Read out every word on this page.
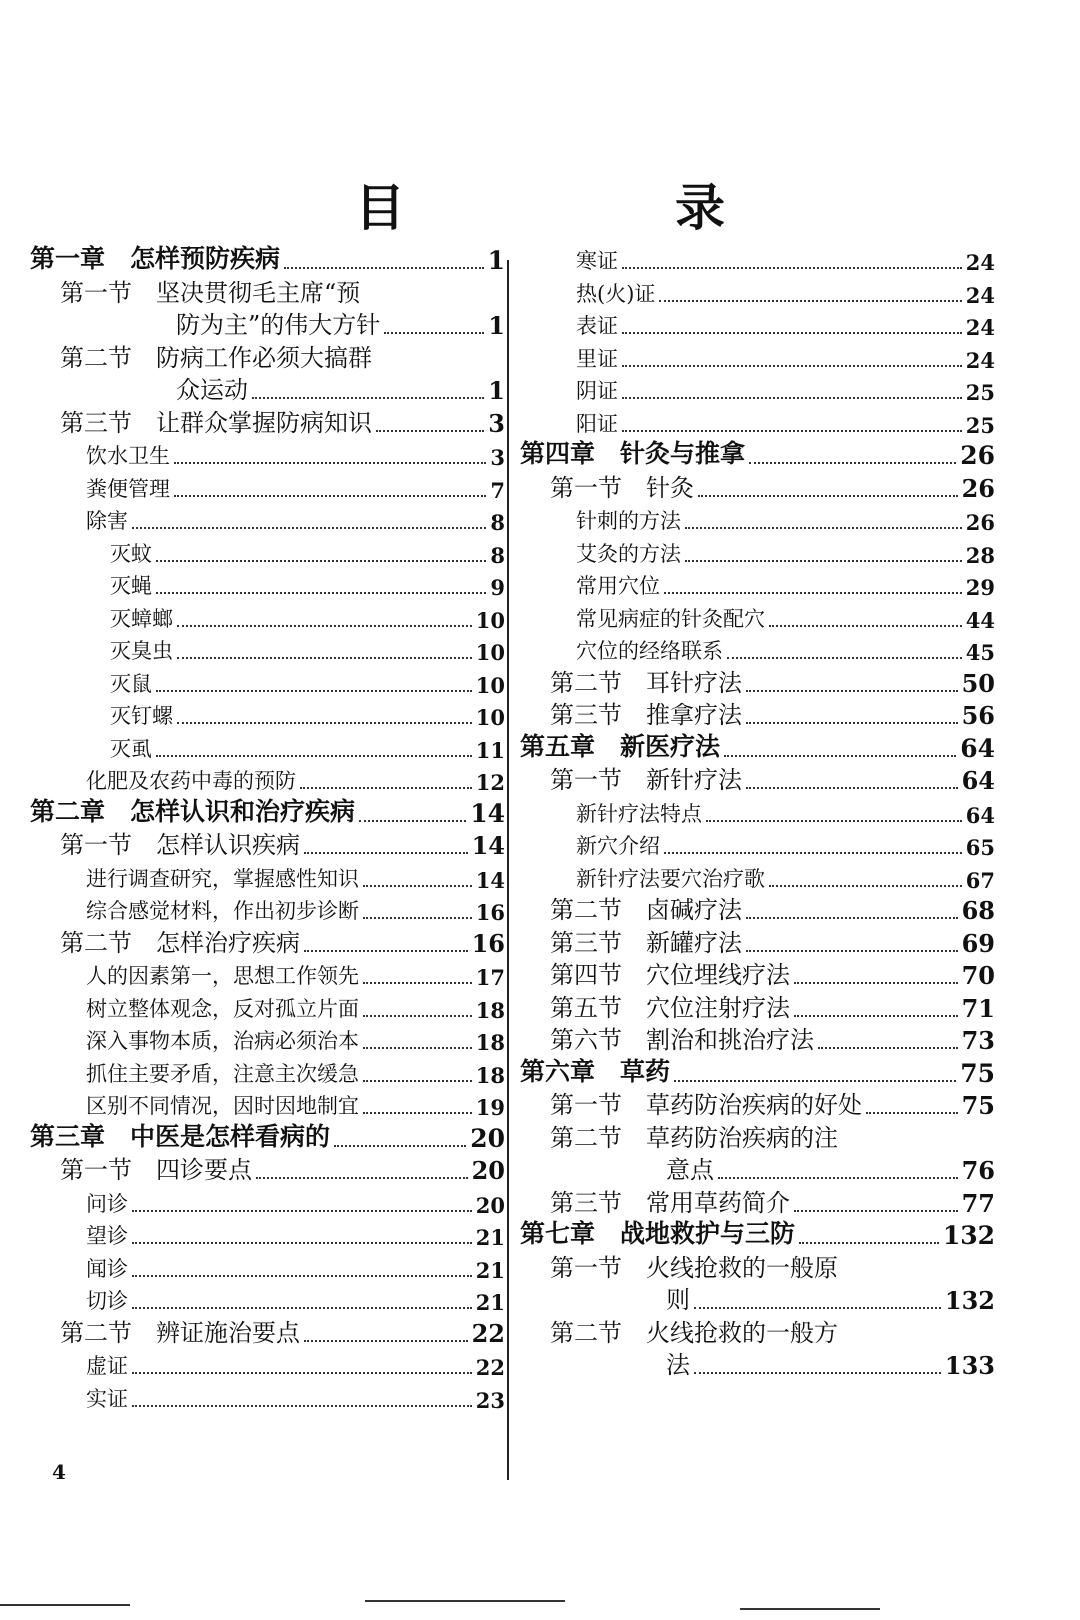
目　录
第一章　怎样预防疾病	1
第一节　坚决贯彻毛主席“预
防为主”的伟大方针	1
第二节　防病工作必须大搞群
众运动	1
第三节　让群众掌握防病知识	3
饮水卫生	3
粪便管理	7
除害	8
灭蚊	8
灭蝇	9
灭蟑螂	10
灭臭虫	10
灭鼠	10
灭钉螺	10
灭虱	11
化肥及农药中毒的预防	12
第二章　怎样认识和治疗疾病	14
第一节　怎样认识疾病	14
进行调查研究，掌握感性知识	14
综合感觉材料，作出初步诊断	16
第二节　怎样治疗疾病	16
人的因素第一，思想工作领先	17
树立整体观念，反对孤立片面	18
深入事物本质，治病必须治本	18
抓住主要矛盾，注意主次缓急	18
区别不同情况，因时因地制宜	19
第三章　中医是怎样看病的	20
第一节　四诊要点	20
问诊	20
望诊	21
闻诊	21
切诊	21
第二节　辨证施治要点	22
虚证	22
实证	23
寒证	24
热(火)证	24
表证	24
里证	24
阴证	25
阳证	25
第四章　针灸与推拿	26
第一节　针灸	26
针刺的方法	26
艾灸的方法	28
常用穴位	29
常见病症的针灸配穴	44
穴位的经络联系	45
第二节　耳针疗法	50
第三节　推拿疗法	56
第五章　新医疗法	64
第一节　新针疗法	64
新针疗法特点	64
新穴介绍	65
新针疗法要穴治疗歌	67
第二节　卤碱疗法	68
第三节　新罐疗法	69
第四节　穴位埋线疗法	70
第五节　穴位注射疗法	71
第六节　割治和挑治疗法	73
第六章　草药	75
第一节　草药防治疾病的好处	75
第二节　草药防治疾病的注
意点	76
第三节　常用草药简介	77
第七章　战地救护与三防	132
第一节　火线抢救的一般原
则	132
第二节　火线抢救的一般方
法	133
4
